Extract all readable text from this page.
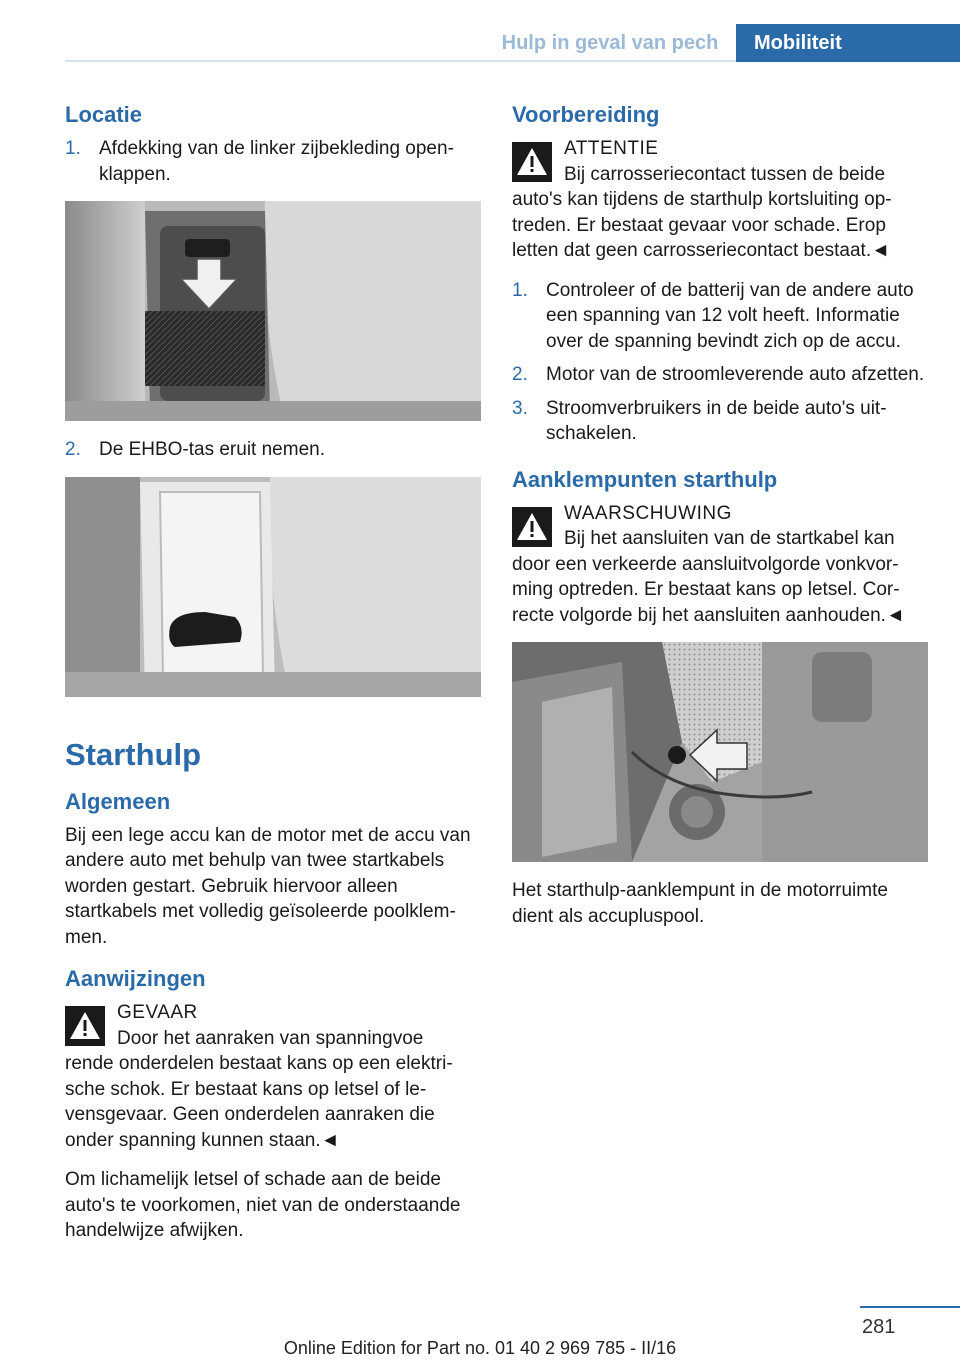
Hulp in geval van pech	Mobiliteit
Locatie
1. Afdekking van de linker zijbekleding openklappen.
2. De EHBO-tas eruit nemen.
Starthulp
Algemeen

Bij een lege accu kan de motor met de accu van andere auto met behulp van twee startkabels worden gestart. Gebruik hiervoor alleen startkabels met volledig geïsoleerde poolklemmen.

Aanwijzingen
GEVAAR
Door het aanraken van spanningvoe
rende onderdelen bestaat kans op een elektrische schok. Er bestaat kans op letsel of levensgevaar. Geen onderdelen aanraken die onder spanning kunnen staan.◄

Om lichamelijk letsel of schade aan de beide auto's te voorkomen, niet van de onderstaande handelwijze afwijken.

Voorbereiding
ATTENTIE
Bij carrosseriecontact tussen de beide
auto's kan tijdens de starthulp kortsluiting optreden. Er bestaat gevaar voor schade. Erop letten dat geen carrosseriecontact bestaat.◄
1. Controleer of de batterij van de andere auto een spanning van 12 volt heeft. Informatie over de spanning bevindt zich op de accu.
2. Motor van de stroomleverende auto afzetten.
3. Stroomverbruikers in de beide auto's uitschakelen.
Aanklempunten starthulp
WAARSCHUWING
Bij het aansluiten van de startkabel kan
door een verkeerde aansluitvolgorde vonkvorming optreden. Er bestaat kans op letsel. Correcte volgorde bij het aansluiten aanhouden.◄

Het starthulp-aanklempunt in de motorruimte dient als accupluspool.

281
Online Edition for Part no. 01 40 2 969 785 - II/16
